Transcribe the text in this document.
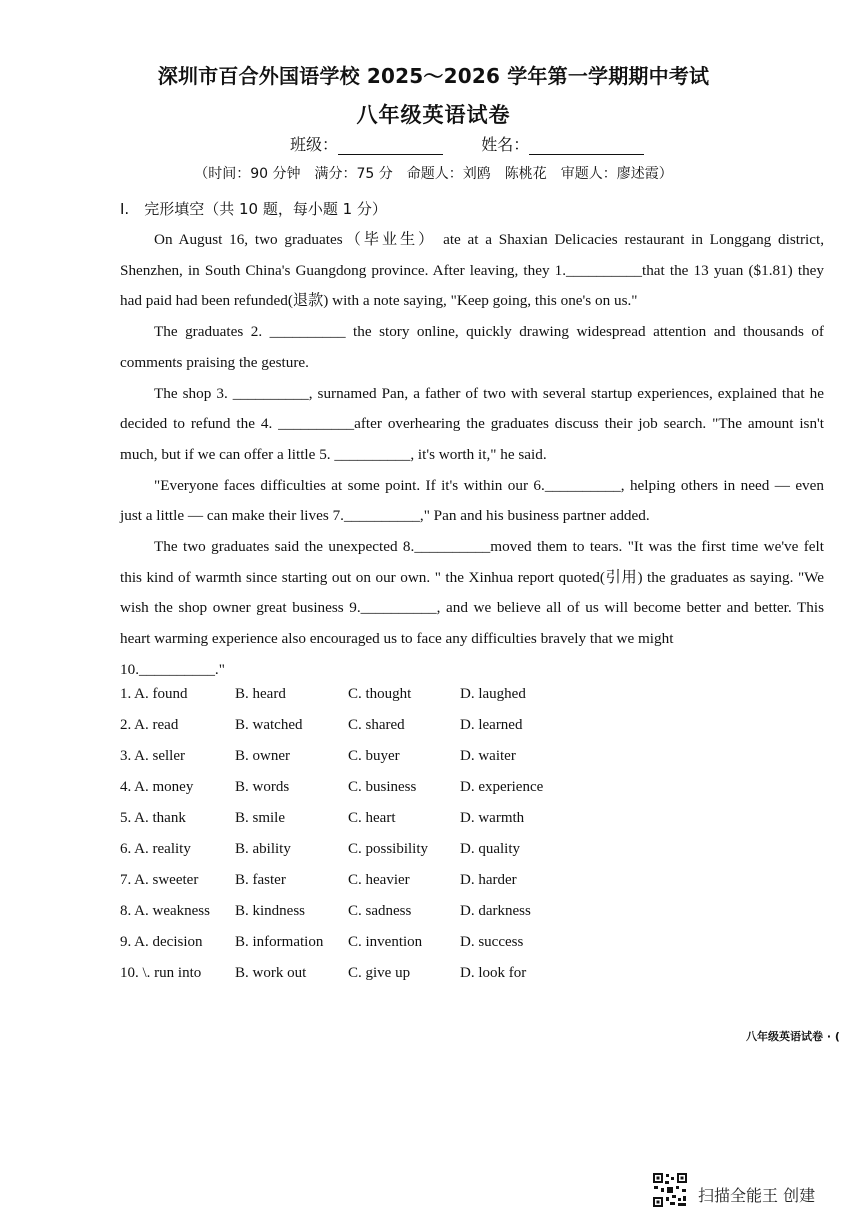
深圳市百合外国语学校 2025～2026 学年第一学期期中考试
八年级英语试卷
班级：	姓名：
（时间：90 分钟　满分：75 分　命题人：刘鸥　陈桃花　审题人：廖述霞）
I.　完形填空（共 10 题，每小题 1 分）

On August 16, two graduates（毕业生） ate at a Shaxian Delicacies restaurant in Longgang district, Shenzhen, in South China's Guangdong province. After leaving, they 1.__________that the 13 yuan ($1.81) they had paid had been refunded(退款) with a note saying, "Keep going, this one's on us."

The graduates 2. __________ the story online, quickly drawing widespread attention and thousands of comments praising the gesture.

The shop 3. __________, surnamed Pan, a father of two with several startup experiences, explained that he decided to refund the 4. __________after overhearing the graduates discuss their job search. "The amount isn't much, but if we can offer a little 5. __________, it's worth it," he said.

"Everyone faces difficulties at some point. If it's within our 6.__________, helping others in need — even just a little — can make their lives 7.__________," Pan and his business partner added.

The two graduates said the unexpected 8.__________moved them to tears. "It was the first time we've felt this kind of warmth since starting out on our own. " the Xinhua report quoted(引用) the graduates as saying. "We wish the shop owner great business 9.__________, and we believe all of us will become better and better. This heart warming experience also encouraged us to face any difficulties bravely that we might

10.__________."

1. A. found	B. heard	C. thought	D. laughed
2. A. read	B. watched	C. shared	D. learned
3. A. seller	B. owner	C. buyer	D. waiter
4. A. money	B. words	C. business	D. experience
5. A. thank	B. smile	C. heart	D. warmth
6. A. reality	B. ability	C. possibility D. quality
7. A. sweeter B. faster	C. heavier	D. harder
8. A. weakness B. kindness	C. sadness	D. darkness
9. A. decision B. information C. invention	D. success
10. \. run into B. work out	C. give up	D. look for
八年级英语试卷 · (
扫描全能王 创建
